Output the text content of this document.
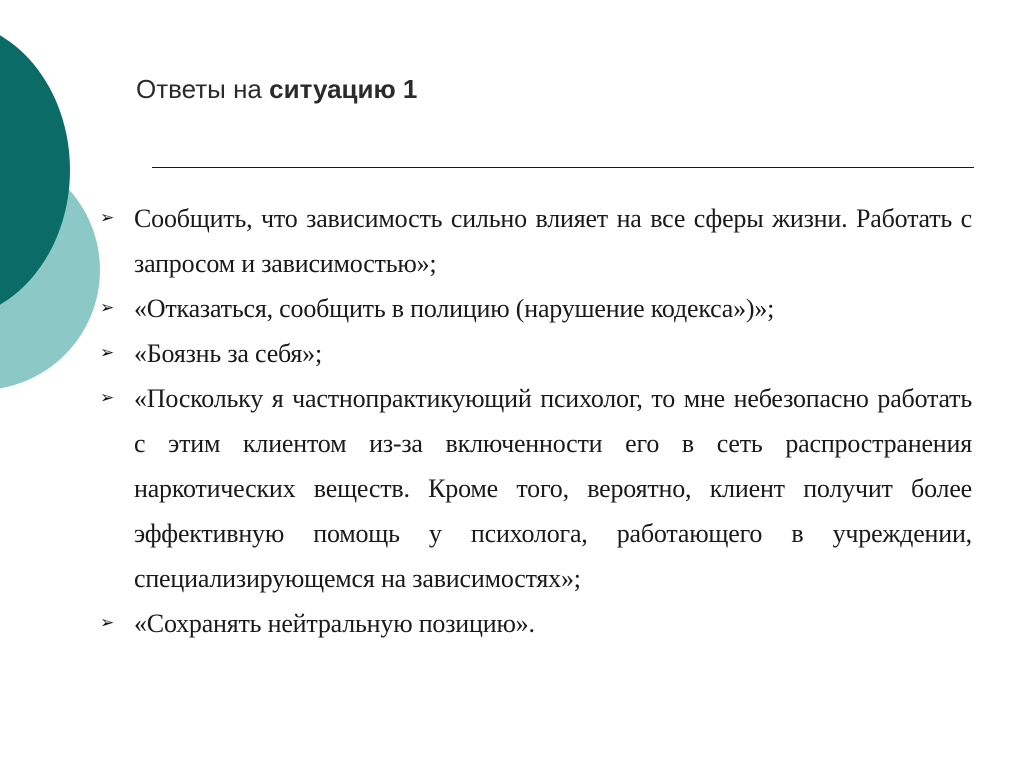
Ответы на ситуацию 1
➢ Сообщить, что зависимость сильно влияет на все сферы жизни. Работать с запросом и зависимостью»;
➢ «Отказаться, сообщить в полицию (нарушение кодекса»)»;
➢ «Боязнь за себя»;
➢ «Поскольку я частнопрактикующий психолог, то мне небезопасно работать с этим клиентом из-за включенности его в сеть распространения наркотических веществ. Кроме того, вероятно, клиент получит более эффективную помощь у психолога, работающего в учреждении, специализирующемся на зависимостях»;
➢ «Сохранять нейтральную позицию».
